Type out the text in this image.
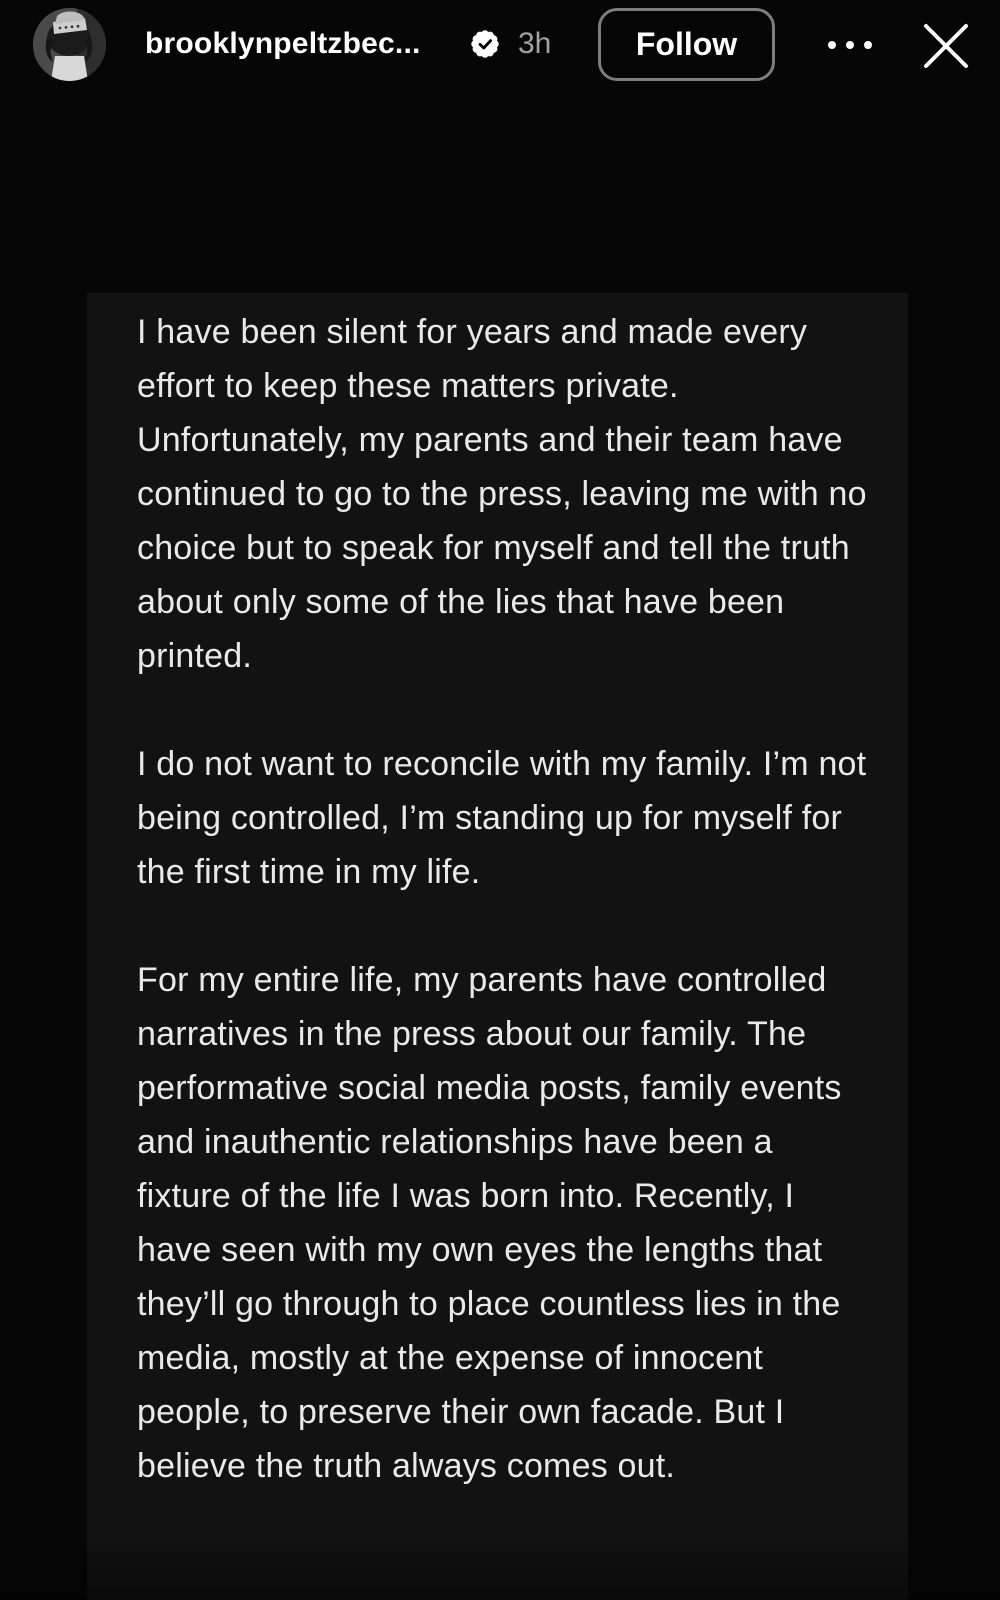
brooklynpeltzbec...	3h	Follow

I have been silent for years and made every effort to keep these matters private. Unfortunately, my parents and their team have continued to go to the press, leaving me with no choice but to speak for myself and tell the truth about only some of the lies that have been printed.

I do not want to reconcile with my family. I’m not being controlled, I’m standing up for myself for the first time in my life.

For my entire life, my parents have controlled narratives in the press about our family. The performative social media posts, family events and inauthentic relationships have been a fixture of the life I was born into. Recently, I have seen with my own eyes the lengths that they’ll go through to place countless lies in the media, mostly at the expense of innocent people, to preserve their own facade. But I believe the truth always comes out.
